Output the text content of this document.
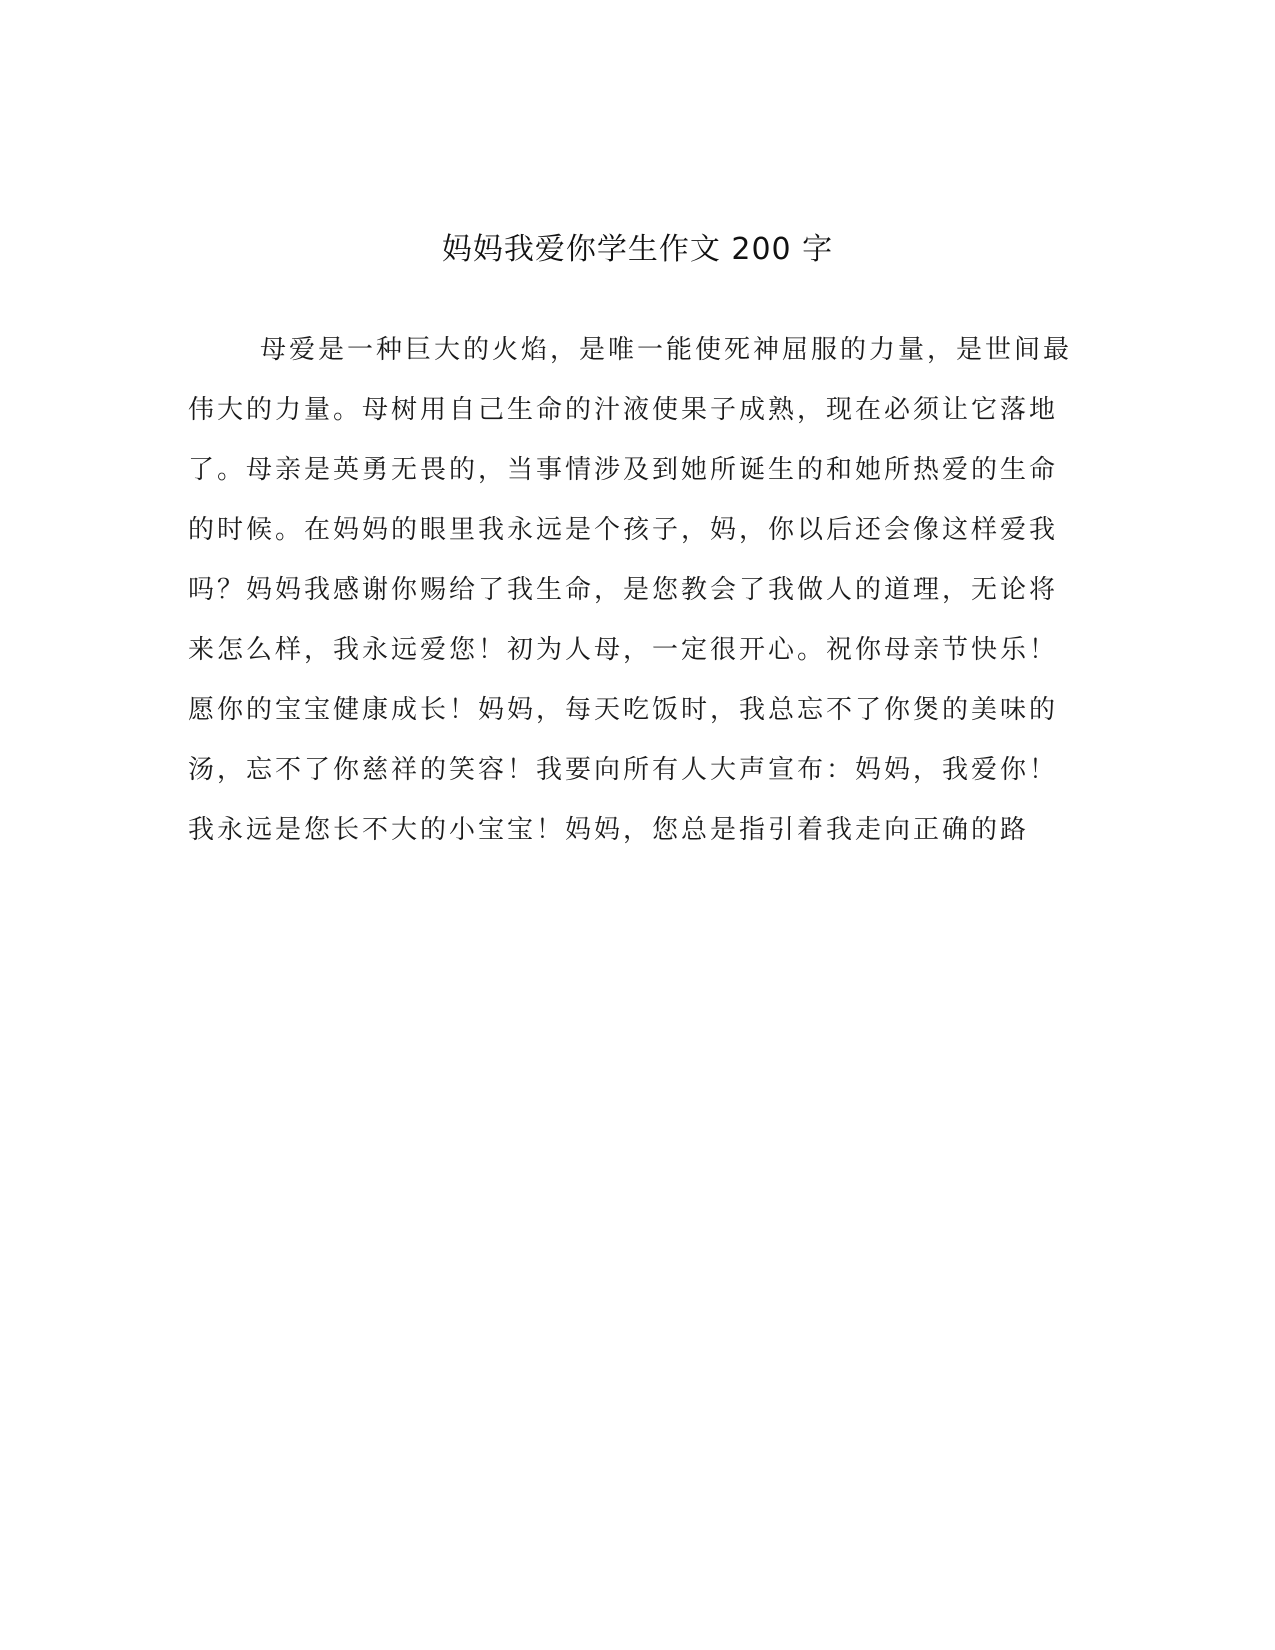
妈妈我爱你学生作文 200 字
母爱是一种巨大的火焰，是唯一能使死神屈服的力量，是世间最
伟大的力量。母树用自己生命的汁液使果子成熟，现在必须让它落地
了。母亲是英勇无畏的，当事情涉及到她所诞生的和她所热爱的生命
的时候。在妈妈的眼里我永远是个孩子，妈，你以后还会像这样爱我
吗？妈妈我感谢你赐给了我生命，是您教会了我做人的道理，无论将
来怎么样，我永远爱您！初为人母，一定很开心。祝你母亲节快乐！
愿你的宝宝健康成长！妈妈，每天吃饭时，我总忘不了你煲的美味的
汤，忘不了你慈祥的笑容！我要向所有人大声宣布：妈妈，我爱你！
我永远是您长不大的小宝宝！妈妈，您总是指引着我走向正确的路
